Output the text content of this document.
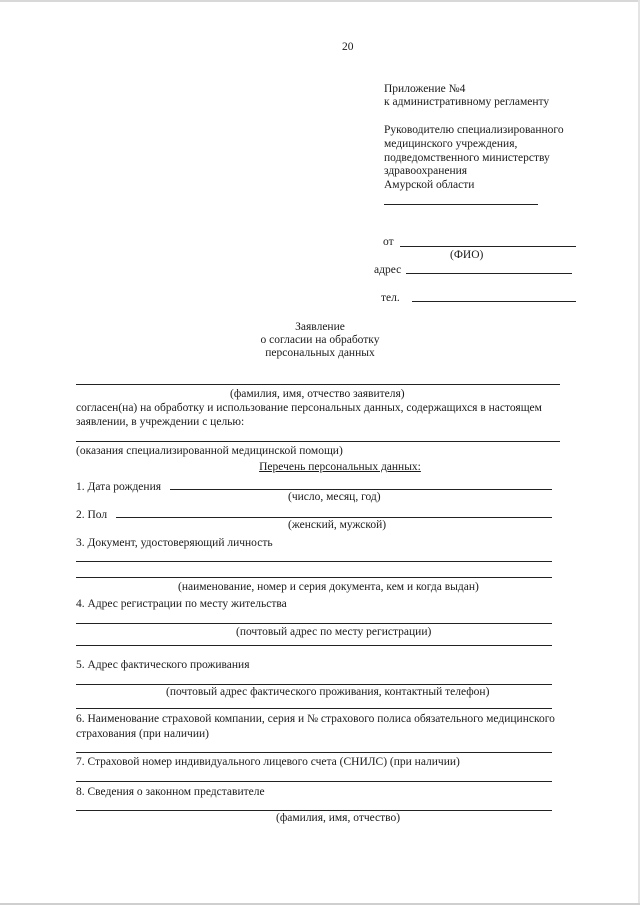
20
Приложение №4
к административному регламенту
Руководителю специализированного
медицинского учреждения,
подведомственного министерству
здравоохранения
Амурской области
от
(ФИО)
адрес
тел.
Заявление
о согласии на обработку
персональных данных
(фамилия, имя, отчество заявителя)
согласен(на) на обработку и использование персональных данных, содержащихся в настоящем
заявлении, в учреждении с целью:
(оказания специализированной медицинской помощи)
Перечень персональных данных:
1. Дата рождения
(число, месяц, год)
2. Пол
(женский, мужской)
3. Документ, удостоверяющий личность
(наименование, номер и серия документа, кем и когда выдан)
4. Адрес регистрации по месту жительства
(почтовый адрес по месту регистрации)
5. Адрес фактического проживания
(почтовый адрес фактического проживания, контактный телефон)
6. Наименование страховой компании, серия и № страхового полиса обязательного медицинского
страхования (при наличии)
7. Страховой номер индивидуального лицевого счета (СНИЛС) (при наличии)
8. Сведения о законном представителе
(фамилия, имя, отчество)
